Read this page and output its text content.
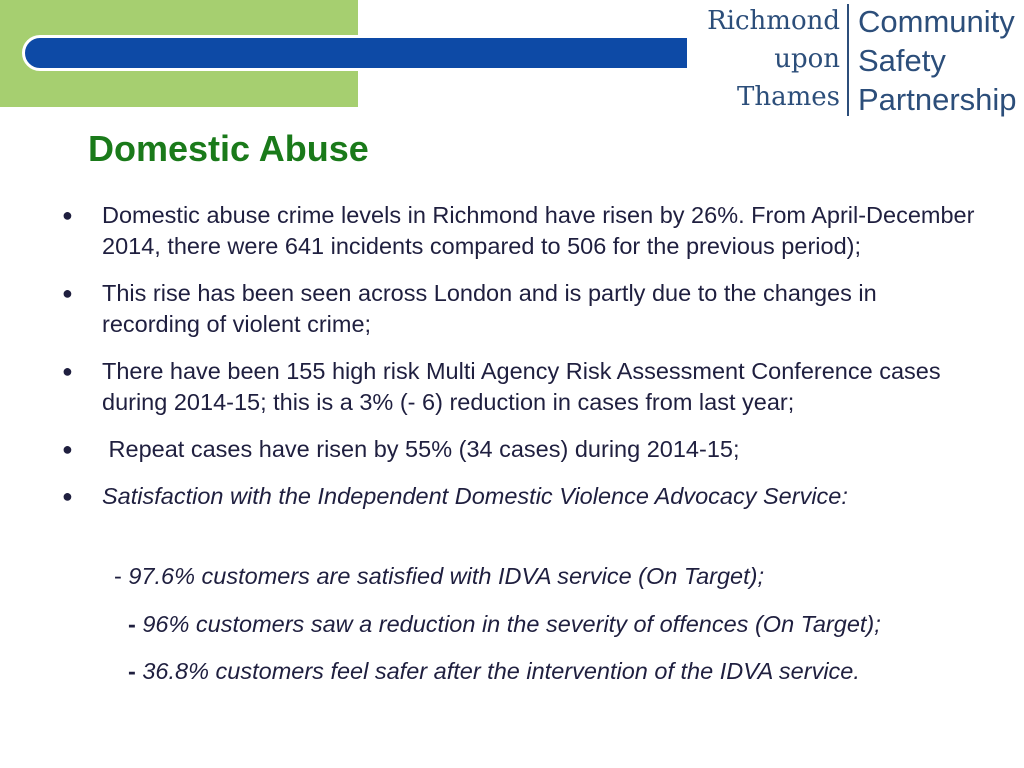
Richmond
upon
Thames
Community
Safety
Partnership
Domestic Abuse
● Domestic abuse crime levels in Richmond have risen by 26%. From April-December 2014, there were 641 incidents compared to 506 for the previous period);
● This rise has been seen across London and is partly due to the changes in recording of violent crime;
● There have been 155 high risk Multi Agency Risk Assessment Conference cases during 2014-15; this is a 3% (- 6) reduction in cases from last year;
● Repeat cases have risen by 55% (34 cases) during 2014-15;
● Satisfaction with the Independent Domestic Violence Advocacy Service:
- 97.6% customers are satisfied with IDVA service (On Target);
- 96% customers saw a reduction in the severity of offences (On Target);
- 36.8% customers feel safer after the intervention of the IDVA service.
